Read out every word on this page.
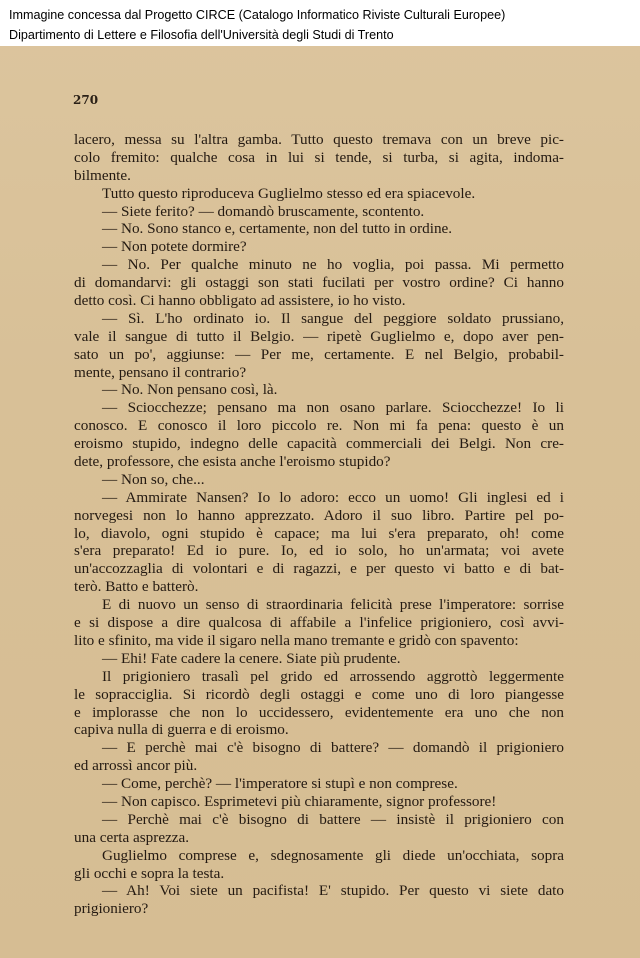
Immagine concessa dal Progetto CIRCE (Catalogo Informatico Riviste Culturali Europee)
Dipartimento di Lettere e Filosofia dell'Università degli Studi di Trento
270
lacero, messa su l'altra gamba. Tutto questo tremava con un breve pic-
colo fremito: qualche cosa in lui si tende, si turba, si agita, indoma-
bilmente.
Tutto questo riproduceva Guglielmo stesso ed era spiacevole.
— Siete ferito? — domandò bruscamente, scontento.
— No. Sono stanco e, certamente, non del tutto in ordine.
— Non potete dormire?
— No. Per qualche minuto ne ho voglia, poi passa. Mi permetto
di domandarvi: gli ostaggi son stati fucilati per vostro ordine? Ci hanno
detto così. Ci hanno obbligato ad assistere, io ho visto.
— Sì. L'ho ordinato io. Il sangue del peggiore soldato prussiano,
vale il sangue di tutto il Belgio. — ripetè Guglielmo e, dopo aver pen-
sato un po', aggiunse: — Per me, certamente. E nel Belgio, probabil-
mente, pensano il contrario?
— No. Non pensano così, là.
— Sciocchezze; pensano ma non osano parlare. Sciocchezze! Io li
conosco. E conosco il loro piccolo re. Non mi fa pena: questo è un
eroismo stupido, indegno delle capacità commerciali dei Belgi. Non cre-
dete, professore, che esista anche l'eroismo stupido?
— Non so, che...
— Ammirate Nansen? Io lo adoro: ecco un uomo! Gli inglesi ed i
norvegesi non lo hanno apprezzato. Adoro il suo libro. Partire pel po-
lo, diavolo, ogni stupido è capace; ma lui s'era preparato, oh! come
s'era preparato! Ed io pure. Io, ed io solo, ho un'armata; voi avete
un'accozzaglia di volontari e di ragazzi, e per questo vi batto e di bat-
terò. Batto e batterò.
E di nuovo un senso di straordinaria felicità prese l'imperatore: sorrise
e si dispose a dire qualcosa di affabile a l'infelice prigioniero, così avvi-
lito e sfinito, ma vide il sigaro nella mano tremante e gridò con spavento:
— Ehi! Fate cadere la cenere. Siate più prudente.
Il prigioniero trasalì pel grido ed arrossendo aggrottò leggermente
le sopracciglia. Si ricordò degli ostaggi e come uno di loro piangesse
e implorasse che non lo uccidessero, evidentemente era uno che non
capiva nulla di guerra e di eroismo.
— E perchè mai c'è bisogno di battere? — domandò il prigioniero
ed arrossì ancor più.
— Come, perchè? — l'imperatore si stupì e non comprese.
— Non capisco. Esprimetevi più chiaramente, signor professore!
— Perchè mai c'è bisogno di battere — insistè il prigioniero con
una certa asprezza.
Guglielmo comprese e, sdegnosamente gli diede un'occhiata, sopra
gli occhi e sopra la testa.
— Ah! Voi siete un pacifista! E' stupido. Per questo vi siete dato
prigioniero?
